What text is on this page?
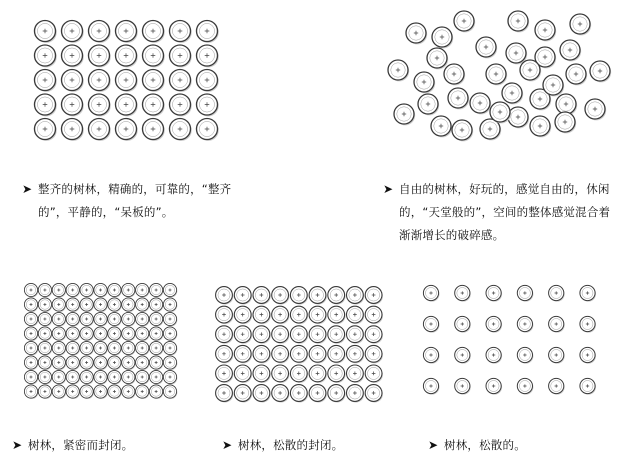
➤ 整齐的树林，精确的，可靠的，“整齐
的”，平静的，“呆板的”。
➤ 自由的树林，好玩的，感觉自由的，休闲
的，“天堂般的”，空间的整体感觉混合着
渐渐增长的破碎感。
➤ 树林，紧密而封闭。	➤ 树林，松散的封闭。	➤ 树林，松散的。
